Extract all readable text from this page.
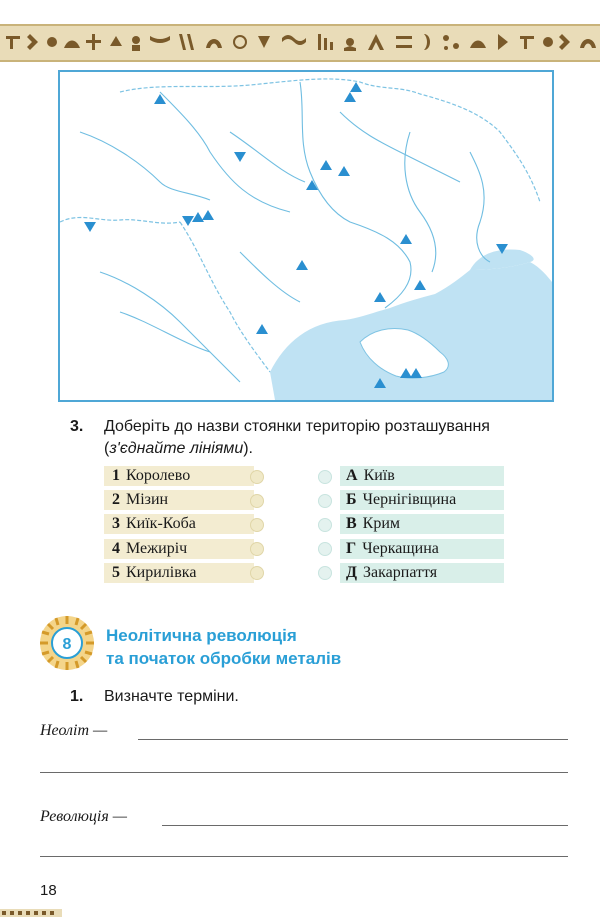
3. Доберіть до назви стоянки територію розташування
(з'єднайте лініями).
1 Королево
2 Мізин
3 Киїк-Коба
4 Межиріч
5 Кирилівка
А Київ
Б Чернігівщина
В Крим
Г Черкащина
Д Закарпаття
8 Неолітична революція
та початок обробки металів
1. Визначте терміни.
Неоліт —
Революція —
18
